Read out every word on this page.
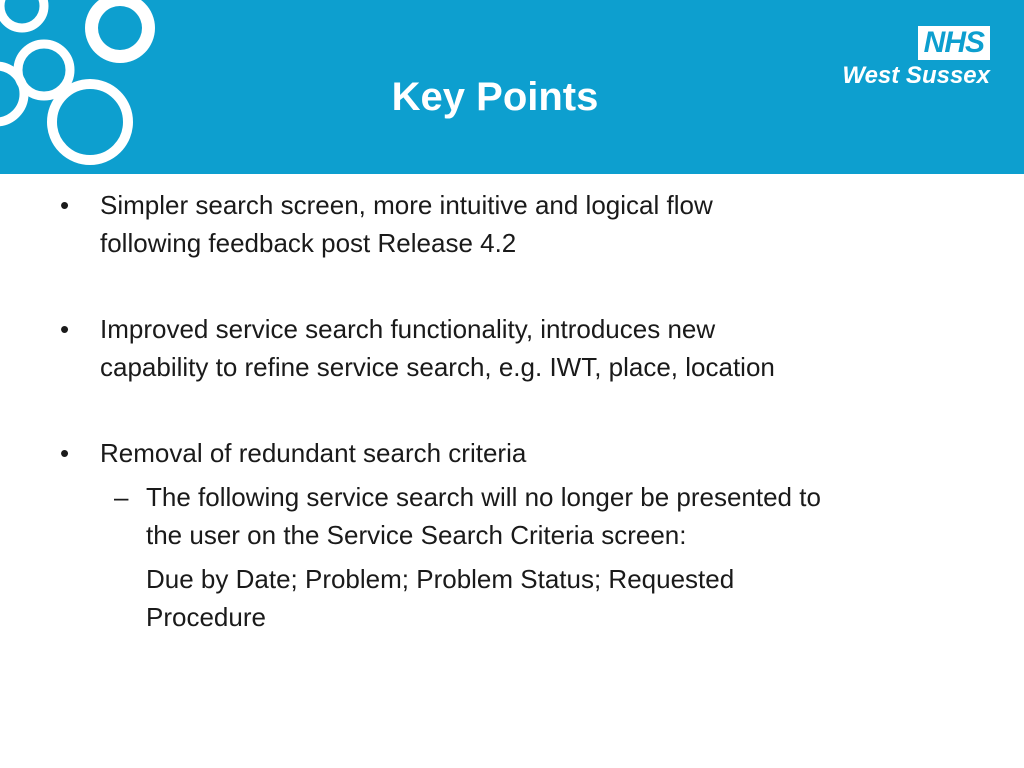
Key Points
NHS
West Sussex
• Simpler search screen, more intuitive and logical flow
following feedback post Release 4.2
• Improved service search functionality, introduces new
capability to refine service search, e.g. IWT, place, location
• Removal of redundant search criteria
– The following service search will no longer be presented to
the user on the Service Search Criteria screen:
Due by Date; Problem; Problem Status; Requested
Procedure
